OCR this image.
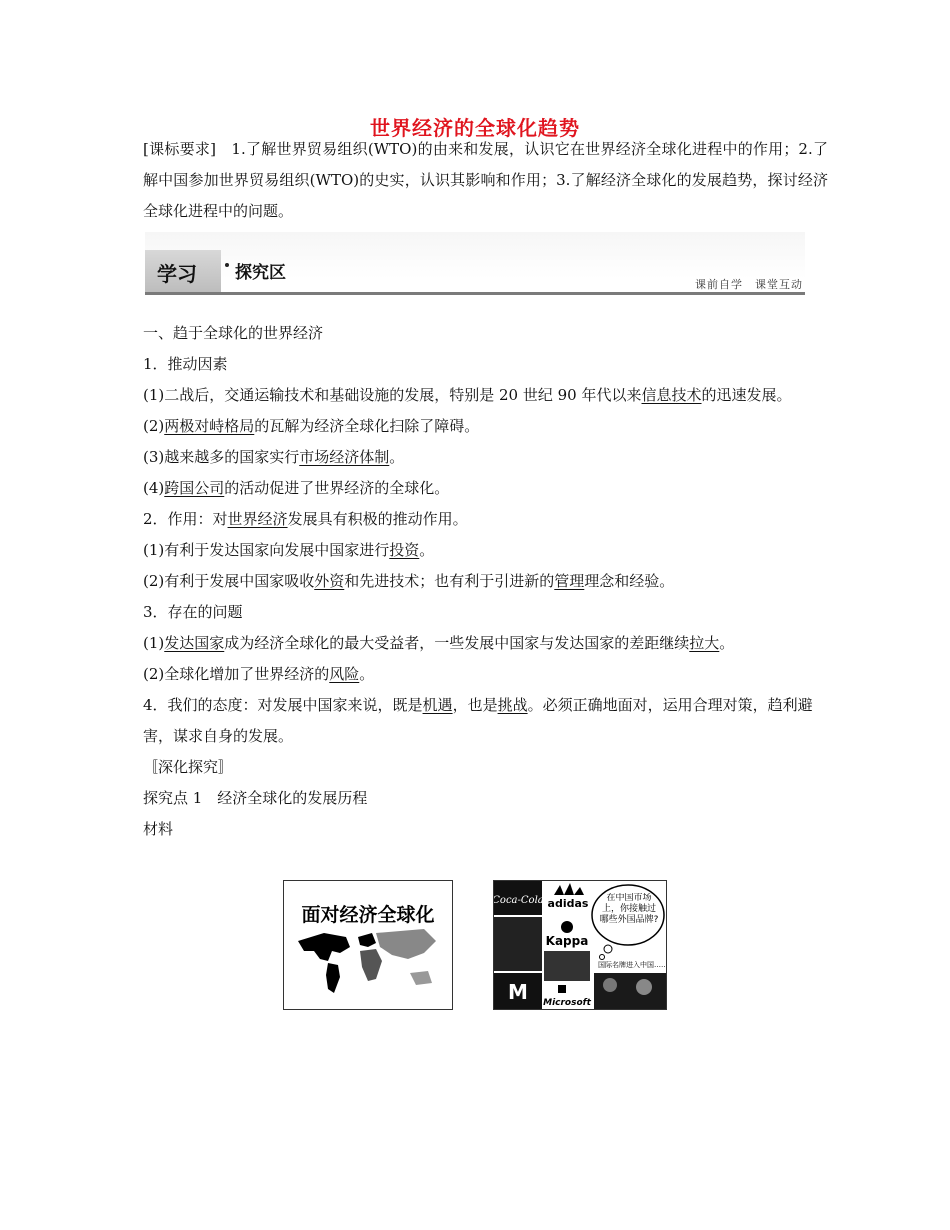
世界经济的全球化趋势
[课标要求]　1.了解世界贸易组织(WTO)的由来和发展，认识它在世界经济全球化进程中的作用；2.了解中国参加世界贸易组织(WTO)的史实，认识其影响和作用；3.了解经济全球化的发展趋势，探讨经济全球化进程中的问题。
学习 探究区
课前自学　课堂互动

一、趋于全球化的世界经济

1．推动因素

(1)二战后，交通运输技术和基础设施的发展，特别是 20 世纪 90 年代以来信息技术的迅速发展。

(2)两极对峙格局的瓦解为经济全球化扫除了障碍。

(3)越来越多的国家实行市场经济体制。

(4)跨国公司的活动促进了世界经济的全球化。

2．作用：对世界经济发展具有积极的推动作用。

(1)有利于发达国家向发展中国家进行投资。

(2)有利于发展中国家吸收外资和先进技术；也有利于引进新的管理理念和经验。

3．存在的问题

(1)发达国家成为经济全球化的最大受益者，一些发展中国家与发达国家的差距继续拉大。

(2)全球化增加了世界经济的风险。

4．我们的态度：对发展中国家来说，既是机遇，也是挑战。必须正确地面对，运用合理对策，趋利避害，谋求自身的发展。

〚深化探究〛

探究点 1　经济全球化的发展历程

材料

面对经济全球化
Coca-Cola adidas
Kappa
M Microsoft
在中国市场上，你接触过哪些外国品牌?
国际名牌进入中国……
